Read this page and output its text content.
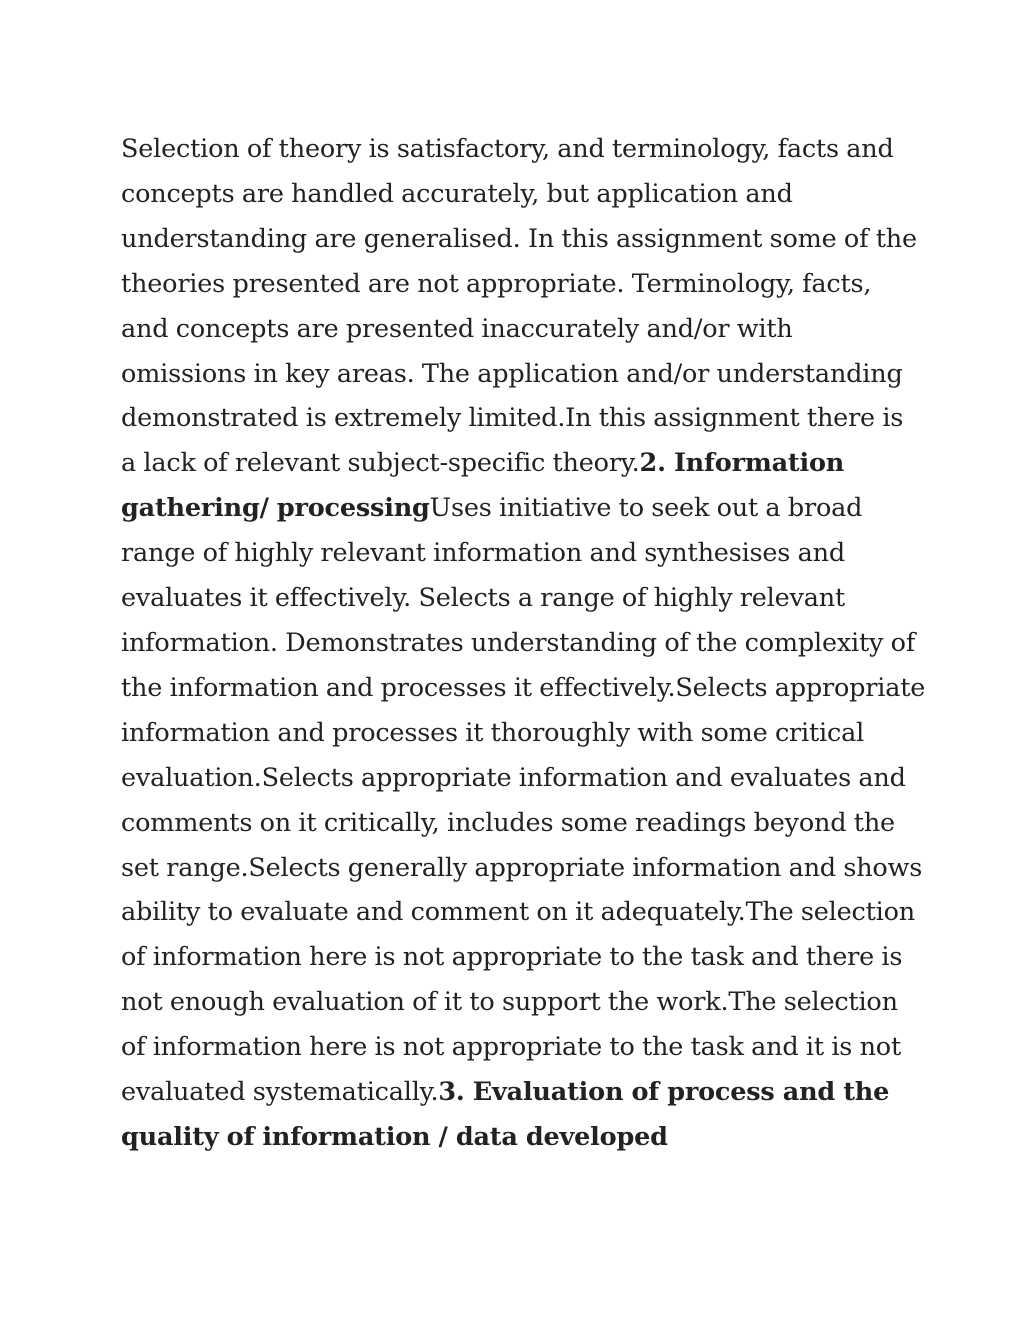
Selection of theory is satisfactory, and terminology, facts and
concepts are handled accurately, but application and
understanding are generalised. In this assignment some of the
theories presented are not appropriate. Terminology, facts,
and concepts are presented inaccurately and/or with
omissions in key areas. The application and/or understanding
demonstrated is extremely limited.In this assignment there is
a lack of relevant subject-specific theory.2. Information
gathering/ processingUses initiative to seek out a broad
range of highly relevant information and synthesises and
evaluates it effectively. Selects a range of highly relevant
information. Demonstrates understanding of the complexity of
the information and processes it effectively.Selects appropriate
information and processes it thoroughly with some critical
evaluation.Selects appropriate information and evaluates and
comments on it critically, includes some readings beyond the
set range.Selects generally appropriate information and shows
ability to evaluate and comment on it adequately.The selection
of information here is not appropriate to the task and there is
not enough evaluation of it to support the work.The selection
of information here is not appropriate to the task and it is not
evaluated systematically.3. Evaluation of process and the
quality of information / data developed
